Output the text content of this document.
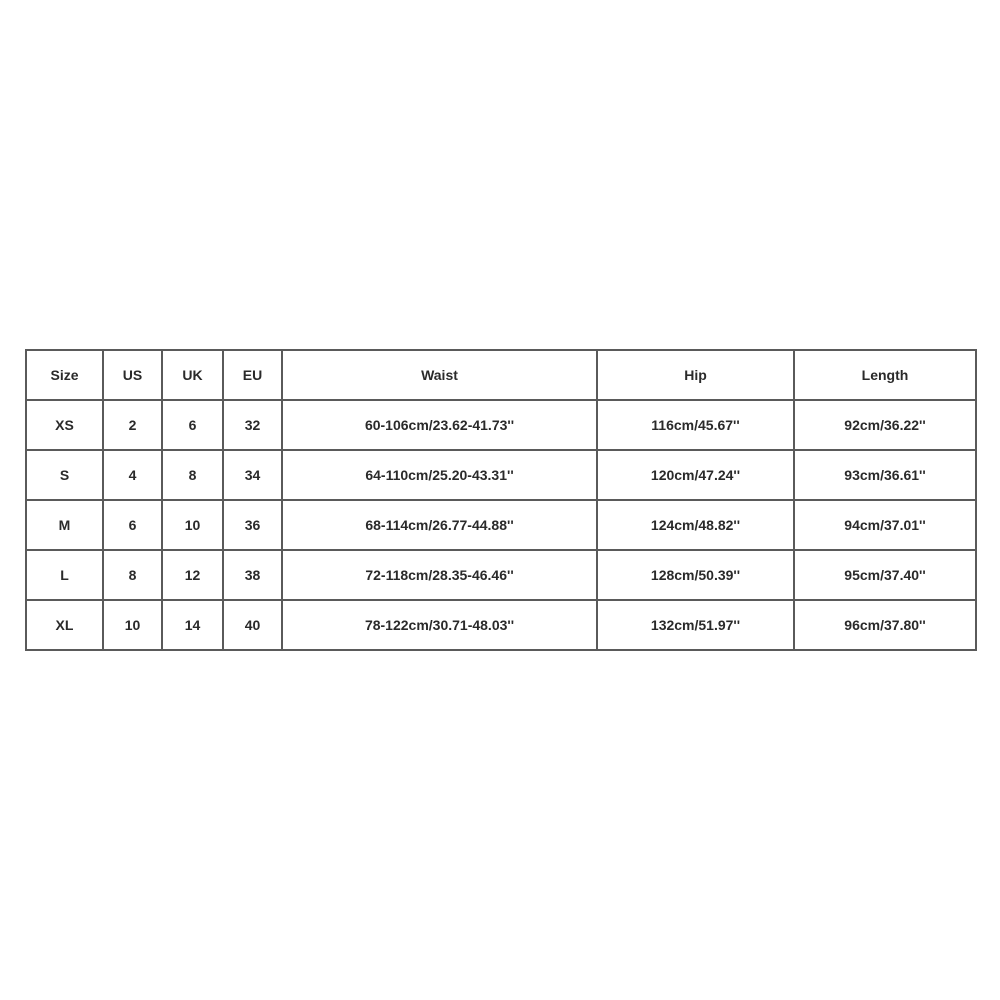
Size	US	UK	EU	Waist	Hip	Length
XS	2	6	32	60-106cm/23.62-41.73''	116cm/45.67''	92cm/36.22''
S	4	8	34	64-110cm/25.20-43.31''	120cm/47.24''	93cm/36.61''
M	6	10	36	68-114cm/26.77-44.88''	124cm/48.82''	94cm/37.01''
L	8	12	38	72-118cm/28.35-46.46''	128cm/50.39''	95cm/37.40''
XL	10	14	40	78-122cm/30.71-48.03''	132cm/51.97''	96cm/37.80''
